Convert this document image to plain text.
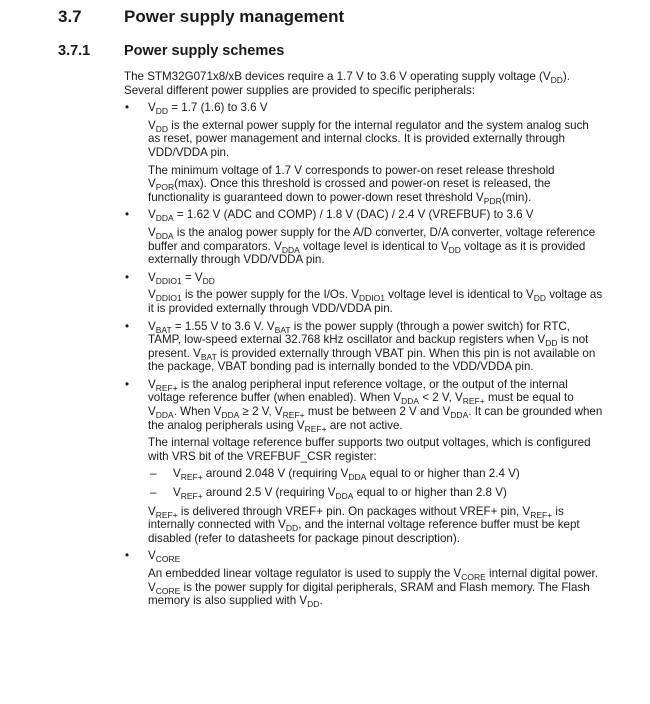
3.7 Power supply management
3.7.1 Power supply schemes

The STM32G071x8/xB devices require a 1.7 V to 3.6 V operating supply voltage $(V_{DD})$. Several different power supplies are provided to specific peripherals:

• $V_{DD} = 1.7$ (1.6) to 3.6 V

$V_{DD}$ is the external power supply for the internal regulator and the system analog such as reset, power management and internal clocks. It is provided externally through VDD/VDDA pin.

The minimum voltage of 1.7 V corresponds to power-on reset release threshold $V_{POR}(\max)$. Once this threshold is crossed and power-on reset is released, the functionality is guaranteed down to power-down reset threshold $V_{PDR}(\min)$.

• $V_{DDA} = 1.62$ V (ADC and COMP) / 1.8 V (DAC) / 2.4 V (VREFBUF) to 3.6 V

$V_{DDA}$ is the analog power supply for the A/D converter, D/A converter, voltage reference buffer and comparators. $V_{DDA}$ voltage level is identical to $V_{DD}$ voltage as it is provided externally through VDD/VDDA pin.

• $V_{DDIO1} = V_{DD}$

$V_{DDIO1}$ is the power supply for the I/Os. $V_{DDIO1}$ voltage level is identical to $V_{DD}$ voltage as it is provided externally through VDD/VDDA pin.

• $V_{BAT} = 1.55$ V to 3.6 V. $V_{BAT}$ is the power supply (through a power switch) for RTC, TAMP, low-speed external 32.768 kHz oscillator and backup registers when $V_{DD}$ is not present. $V_{BAT}$ is provided externally through VBAT pin. When this pin is not available on the package, VBAT bonding pad is internally bonded to the VDD/VDDA pin.
• $V_{REF+}$ is the analog peripheral input reference voltage, or the output of the internal voltage reference buffer (when enabled). When $V_{DDA} < 2$ V, $V_{REF+}$ must be equal to $V_{DDA}$. When $V_{DDA} \ge 2$ V, $V_{REF+}$ must be between 2 V and $V_{DDA}$. It can be grounded when the analog peripherals using $V_{REF+}$ are not active.

The internal voltage reference buffer supports two output voltages, which is configured with VRS bit of the VREFBUF_CSR register:

– $V_{REF+}$ around 2.048 V (requiring $V_{DDA}$ equal to or higher than 2.4 V)
– $V_{REF+}$ around 2.5 V (requiring $V_{DDA}$ equal to or higher than 2.8 V)

$V_{REF+}$ is delivered through VREF+ pin. On packages without VREF+ pin, $V_{REF+}$ is internally connected with $V_{DD}$, and the internal voltage reference buffer must be kept disabled (refer to datasheets for package pinout description).

• $V_{CORE}$

An embedded linear voltage regulator is used to supply the $V_{CORE}$ internal digital power. $V_{CORE}$ is the power supply for digital peripherals, SRAM and Flash memory. The Flash memory is also supplied with $V_{DD}$.
